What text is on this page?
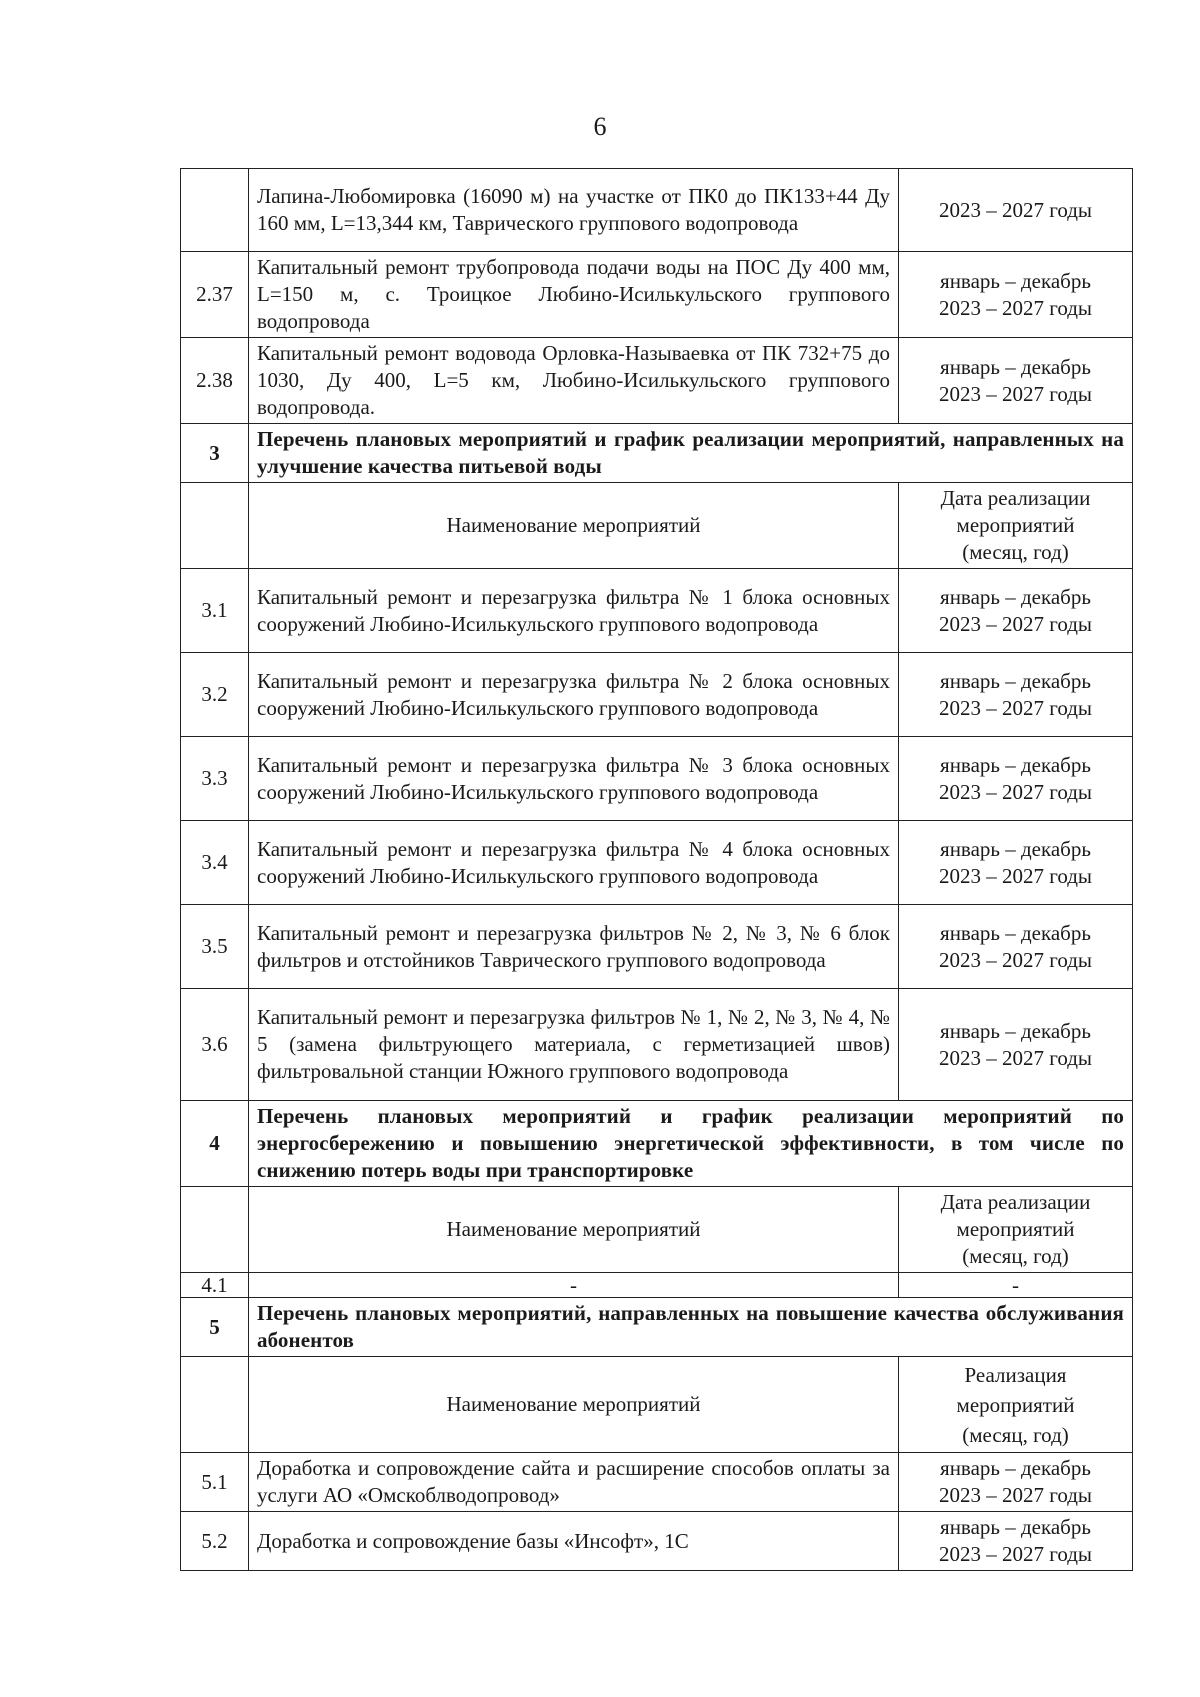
6
	Лапина-Любомировка (16090 м) на участке от ПК0 до ПК133+44 Ду 160 мм, L=13,344 км, Таврического группового водопровода	2023 – 2027 годы
2.37	Капитальный ремонт трубопровода подачи воды на ПОС Ду 400 мм, L=150 м, с. Троицкое Любино-Исилькульского группового водопровода	январь – декабрь
2023 – 2027 годы

2.38	Капитальный ремонт водовода Орловка-Называевка от ПК 732+75 до 1030, Ду 400, L=5 км, Любино-Исилькульского группового водопровода.	январь – декабрь
2023 – 2027 годы

3	Перечень плановых мероприятий и график реализации мероприятий, направленных на улучшение качества питьевой воды	
	Наименование мероприятий	Дата реализации
мероприятий
(месяц, год)

3.1	Капитальный ремонт и перезагрузка фильтра № 1 блока основных сооружений Любино-Исилькульского группового водопровода	январь – декабрь
2023 – 2027 годы

3.2	Капитальный ремонт и перезагрузка фильтра № 2 блока основных сооружений Любино-Исилькульского группового водопровода	январь – декабрь
2023 – 2027 годы

3.3	Капитальный ремонт и перезагрузка фильтра № 3 блока основных сооружений Любино-Исилькульского группового водопровода	январь – декабрь
2023 – 2027 годы

3.4	Капитальный ремонт и перезагрузка фильтра № 4 блока основных сооружений Любино-Исилькульского группового водопровода	январь – декабрь
2023 – 2027 годы

3.5	Капитальный ремонт и перезагрузка фильтров № 2, № 3, № 6 блок фильтров и отстойников Таврического группового водопровода	январь – декабрь
2023 – 2027 годы

3.6	Капитальный ремонт и перезагрузка фильтров № 1, № 2, № 3, № 4, № 5 (замена фильтрующего материала, с герметизацией швов) фильтровальной станции Южного группового водопровода	январь – декабрь
2023 – 2027 годы

4	Перечень плановых мероприятий и график реализации мероприятий по энергосбережению и повышению энергетической эффективности, в том числе по снижению потерь воды при транспортировке	
	Наименование мероприятий	Дата реализации
мероприятий
(месяц, год)

4.1	-	-
5	Перечень плановых мероприятий, направленных на повышение качества обслуживания абонентов	
	Наименование мероприятий	Реализация
мероприятий
(месяц, год)

5.1	Доработка и сопровождение сайта и расширение способов оплаты за услуги АО «Омскоблводопровод»	январь – декабрь
2023 – 2027 годы

5.2	Доработка и сопровождение базы «Инсофт», 1С	январь – декабрь
2023 – 2027 годы
